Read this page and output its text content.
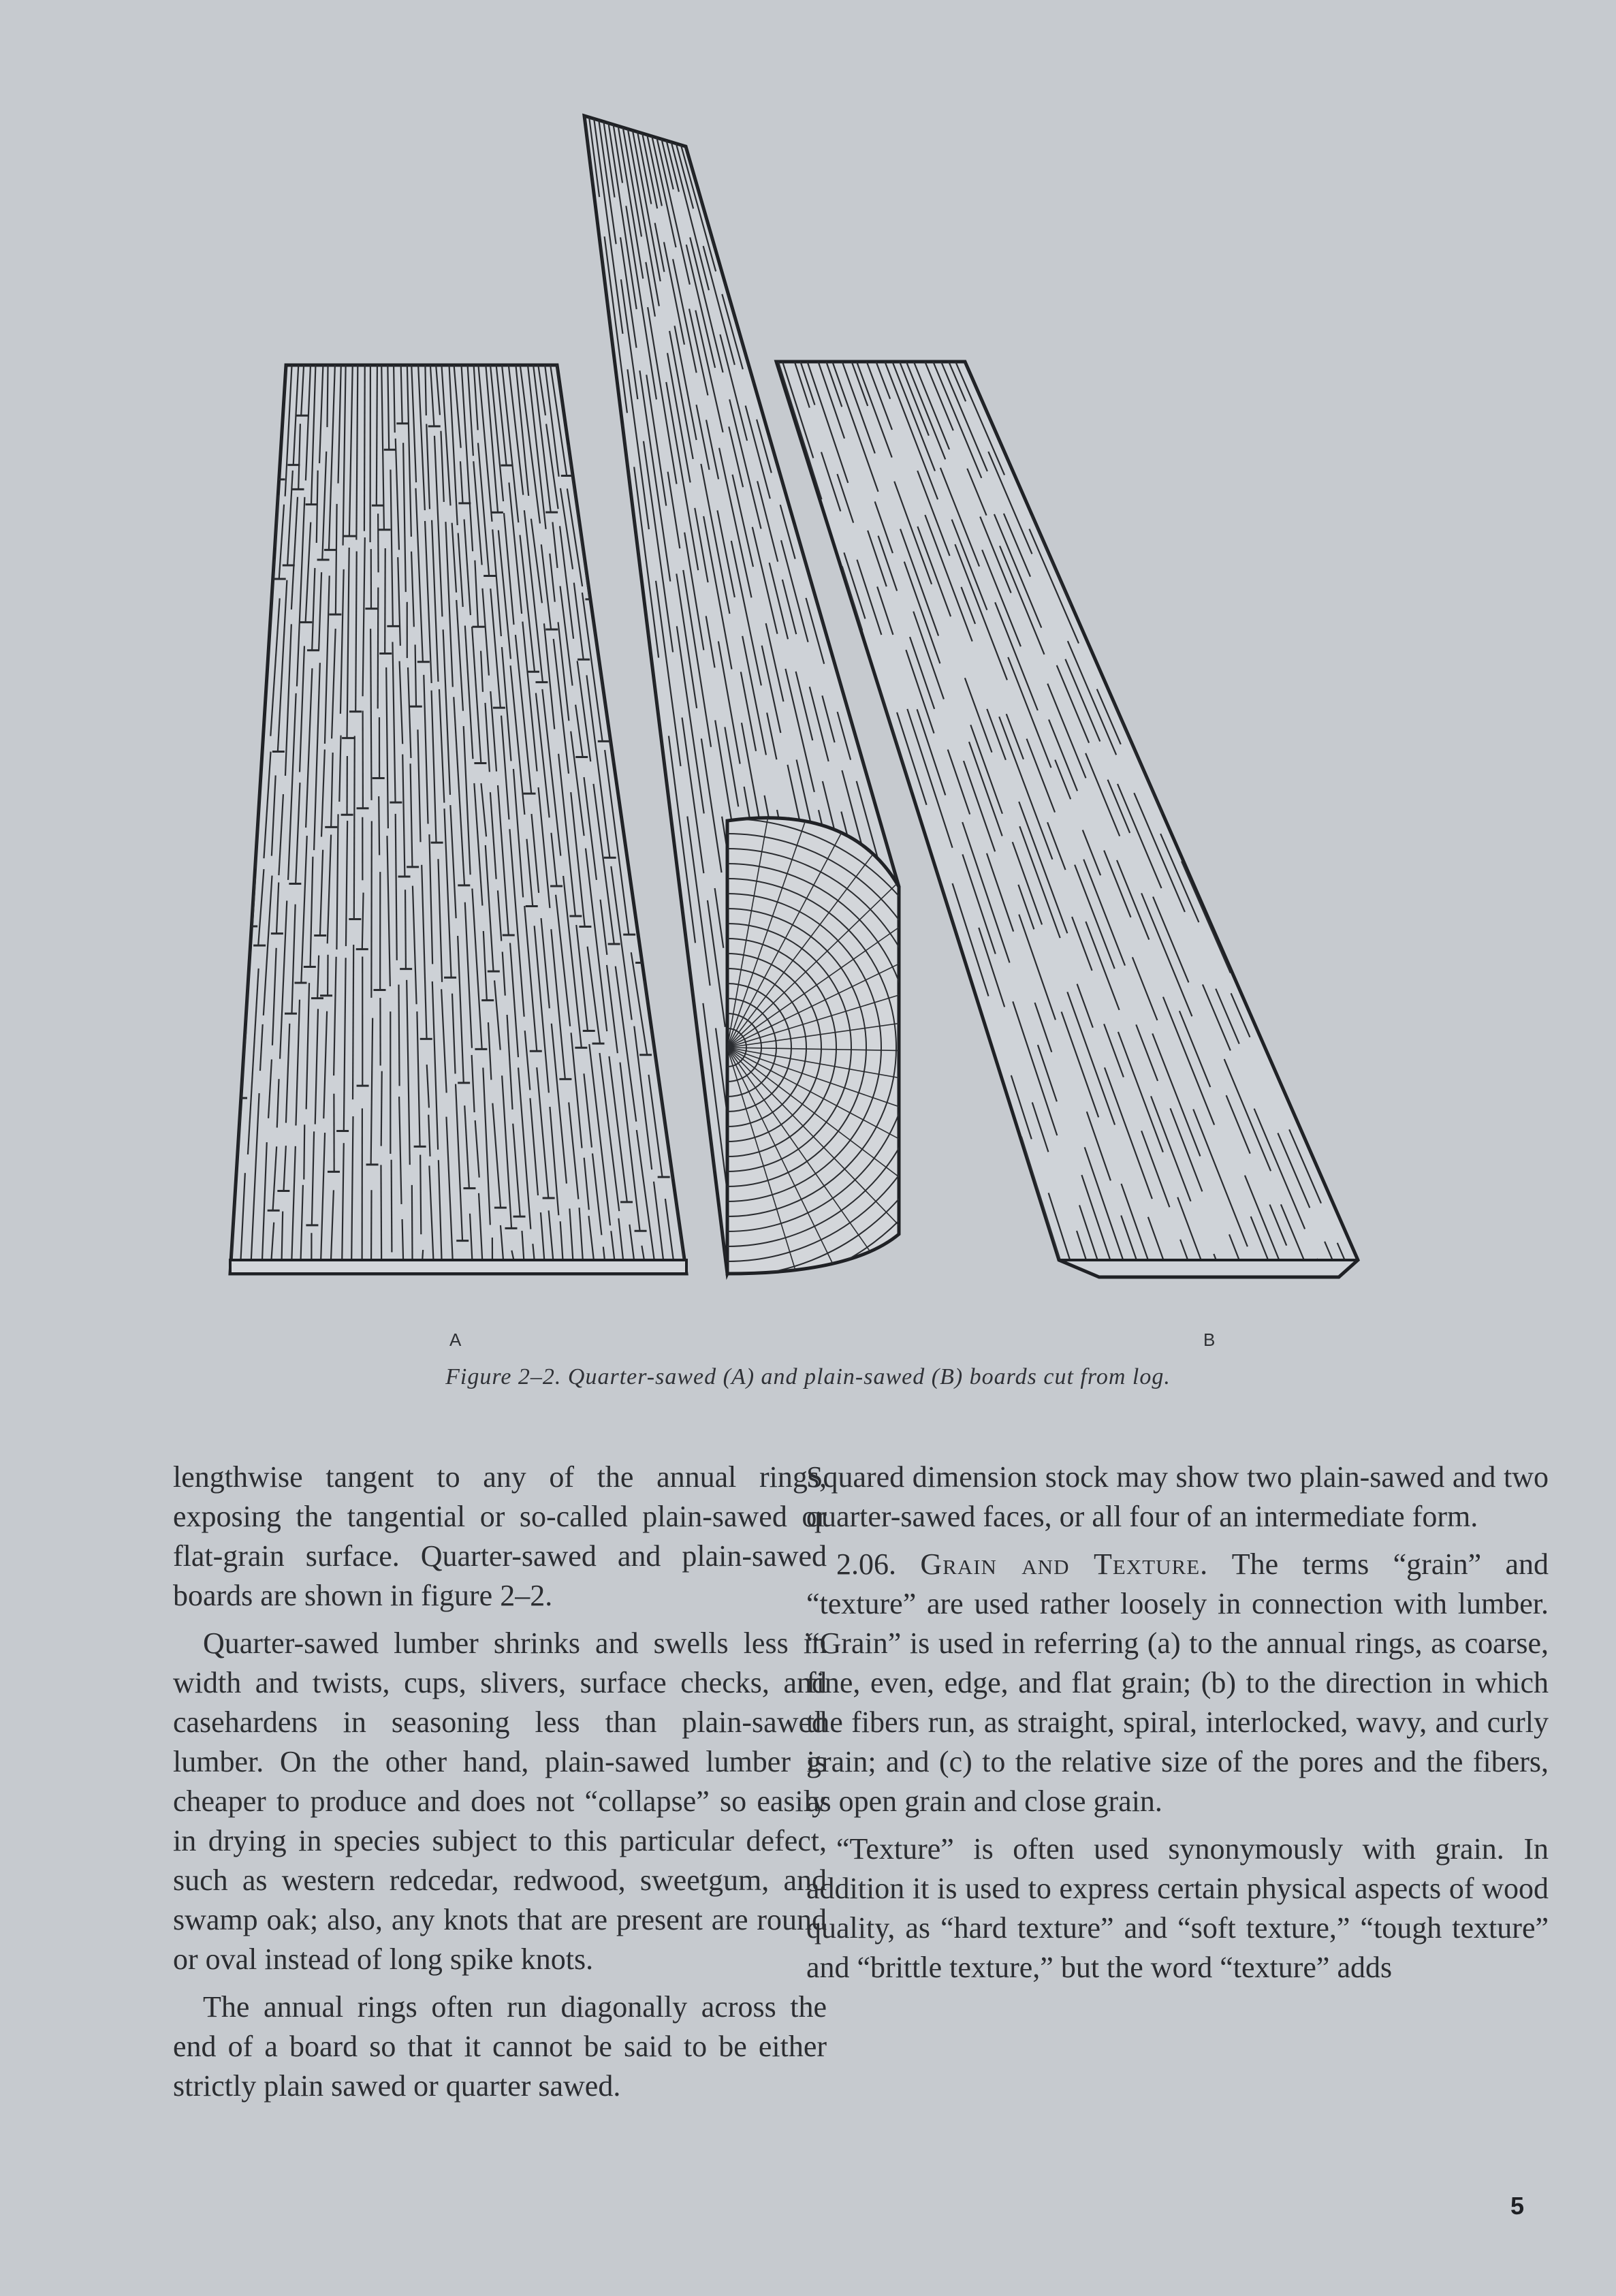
A	B
Figure 2–2. Quarter-sawed (A) and plain-sawed (B) boards cut from log.

lengthwise tangent to any of the annual rings, exposing the tangential or so-called plain-sawed or flat-grain surface. Quarter-sawed and plain-sawed boards are shown in figure 2–2.

Quarter-sawed lumber shrinks and swells less in width and twists, cups, slivers, surface checks, and casehardens in seasoning less than plain-sawed lumber. On the other hand, plain-sawed lumber is cheaper to produce and does not “collapse” so easily in drying in species subject to this particular defect, such as western redcedar, redwood, sweetgum, and swamp oak; also, any knots that are present are round or oval instead of long spike knots.

The annual rings often run diagonally across the end of a board so that it cannot be said to be either strictly plain sawed or quarter sawed.

Squared dimension stock may show two plain-sawed and two quarter-sawed faces, or all four of an intermediate form.

2.06. Grain and Texture. The terms “grain” and “texture” are used rather loosely in connection with lumber. “Grain” is used in referring (a) to the annual rings, as coarse, fine, even, edge, and flat grain; (b) to the direction in which the fibers run, as straight, spiral, interlocked, wavy, and curly grain; and (c) to the relative size of the pores and the fibers, as open grain and close grain.

“Texture” is often used synonymously with grain. In addition it is used to express certain physical aspects of wood quality, as “hard texture” and “soft texture,” “tough texture” and “brittle texture,” but the word “texture” adds

5
